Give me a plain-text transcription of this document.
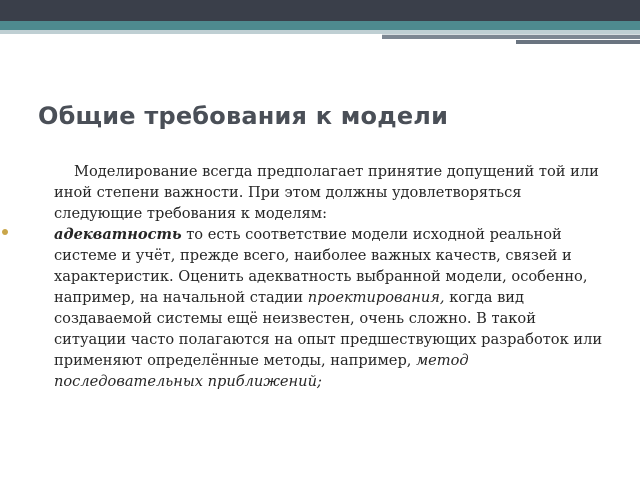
Общие требования к модели

Моделирование всегда предполагает принятие допущений той или иной степени важности. При этом должны удовлетворяться следующие требования к моделям:

адекватность то есть соответствие модели исходной реальной системе и учёт, прежде всего, наиболее важных качеств, связей и характеристик. Оценить адекватность выбранной модели, особенно, например, на начальной стадии проектирования, когда вид создаваемой системы ещё неизвестен, очень сложно. В такой ситуации часто полагаются на опыт предшествующих разработок или применяют определённые методы, например, метод последовательных приближений;
